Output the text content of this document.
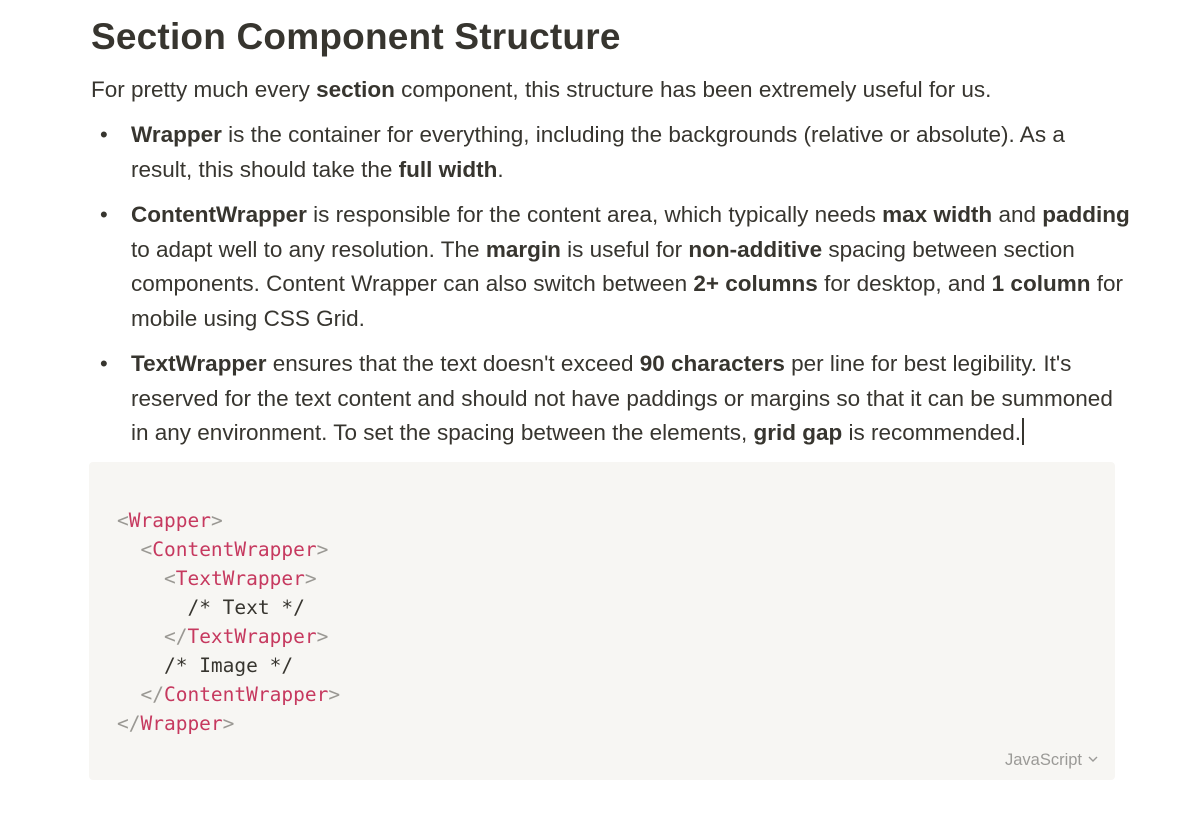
Section Component Structure

For pretty much every section component, this structure has been extremely useful for us.

• Wrapper is the container for everything, including the backgrounds (relative or absolute). As a
result, this should take the full width.
• ContentWrapper is responsible for the content area, which typically needs max width and padding
to adapt well to any resolution. The margin is useful for non-additive spacing between section
components. Content Wrapper can also switch between 2+ columns for desktop, and 1 column for
mobile using CSS Grid.
• TextWrapper ensures that the text doesn't exceed 90 characters per line for best legibility. It's
reserved for the text content and should not have paddings or margins so that it can be summoned
in any environment. To set the spacing between the elements, grid gap is recommended.
<Wrapper>
<ContentWrapper>
<TextWrapper>
/* Text */
</TextWrapper>
/* Image */
</ContentWrapper>
</Wrapper>
JavaScript
